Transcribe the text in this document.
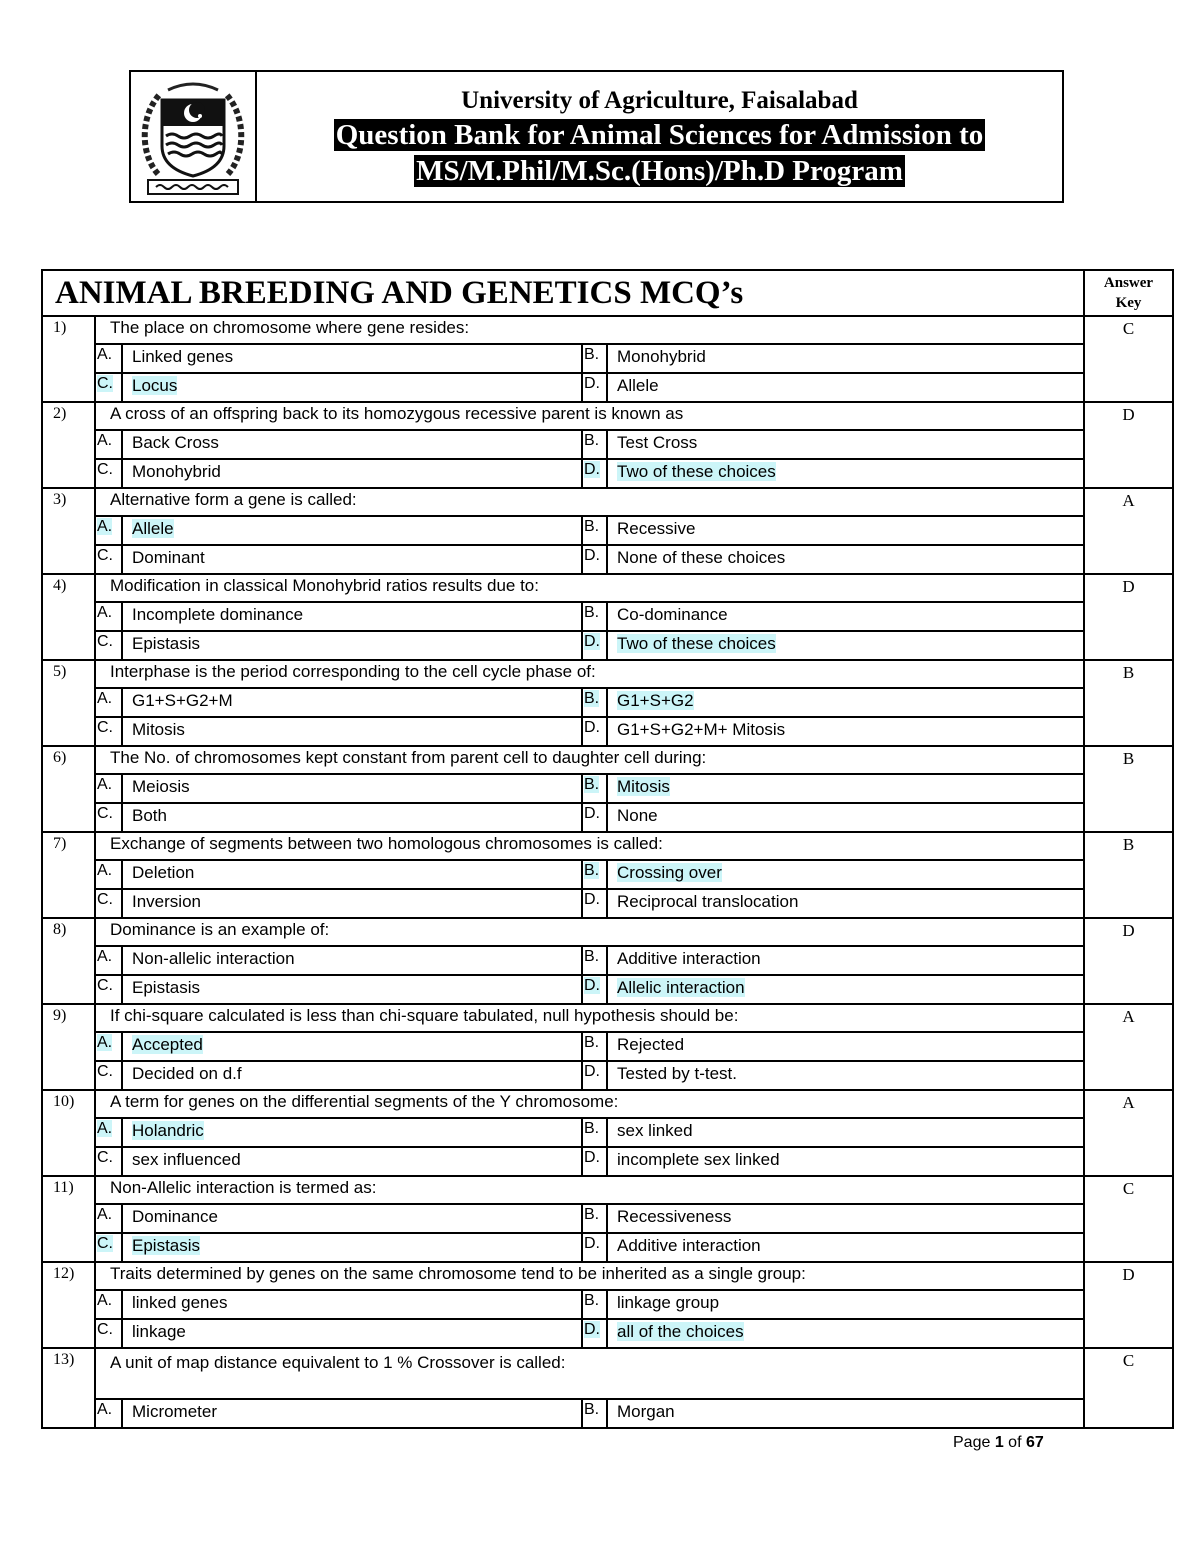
University of Agriculture, Faisalabad
Question Bank for Animal Sciences for Admission to
MS/M.Phil/M.Sc.(Hons)/Ph.D Program
ANIMAL BREEDING AND GENETICS MCQ’s					Answer
Key
1)	The place on chromosome where gene resides:				C
	A.	Linked genes	B.	Monohybrid	
	C.	Locus	D.	Allele	
2)	A cross of an offspring back to its homozygous recessive parent is known as				D
	A.	Back Cross	B.	Test Cross	
	C.	Monohybrid	D.	Two of these choices	
3)	Alternative form a gene is called:				A
	A.	Allele	B.	Recessive	
	C.	Dominant	D.	None of these choices	
4)	Modification in classical Monohybrid ratios results due to:				D
	A.	Incomplete dominance	B.	Co-dominance	
	C.	Epistasis	D.	Two of these choices	
5)	Interphase is the period corresponding to the cell cycle phase of:				B
	A.	G1+S+G2+M	B.	G1+S+G2	
	C.	Mitosis	D.	G1+S+G2+M+ Mitosis	
6)	The No. of chromosomes kept constant from parent cell to daughter cell during:				B
	A.	Meiosis	B.	Mitosis	
	C.	Both	D.	None	
7)	Exchange of segments between two homologous chromosomes is called:				B
	A.	Deletion	B.	Crossing over	
	C.	Inversion	D.	Reciprocal translocation	
8)	Dominance is an example of:				D
	A.	Non-allelic interaction	B.	Additive interaction	
	C.	Epistasis	D.	Allelic interaction	
9)	If chi-square calculated is less than chi-square tabulated, null hypothesis should be:				A
	A.	Accepted	B.	Rejected	
	C.	Decided on d.f	D.	Tested by t-test.	
10)	A term for genes on the differential segments of the Y chromosome:				A
	A.	Holandric	B.	sex linked	
	C.	sex influenced	D.	incomplete sex linked	
11)	Non-Allelic interaction is termed as:				C
	A.	Dominance	B.	Recessiveness	
	C.	Epistasis	D.	Additive interaction	
12)	Traits determined by genes on the same chromosome tend to be inherited as a single group:				D
	A.	linked genes	B.	linkage group	
	C.	linkage	D.	all of the choices	
13)	A unit of map distance equivalent to 1 % Crossover is called:				C
	A.	Micrometer	B.	Morgan	
Page 1 of 67
